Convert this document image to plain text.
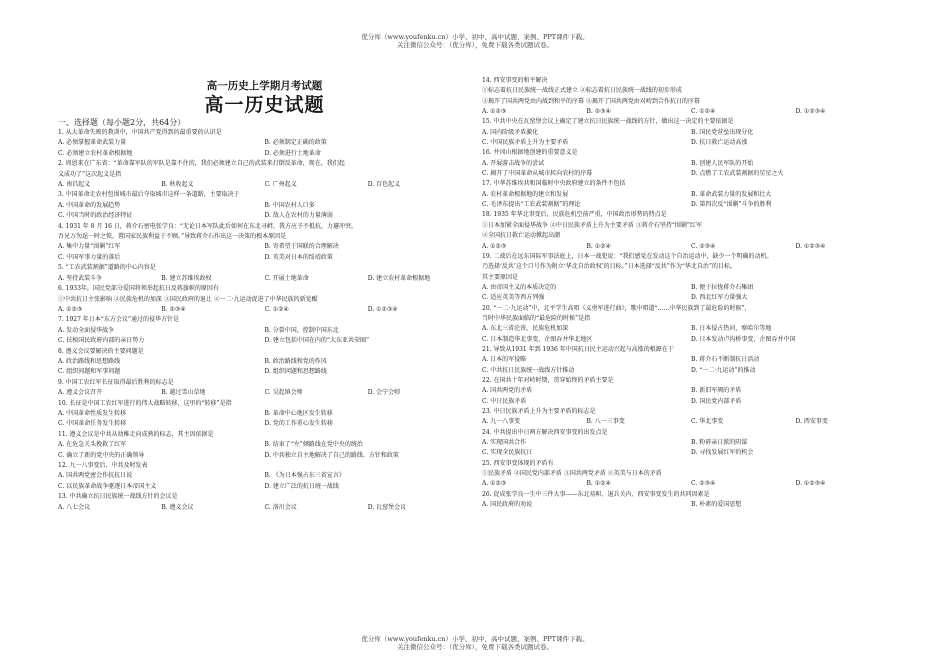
优分库（www.youfenku.cn）小学、初中、高中试题、案例、PPT课件下载。
关注微信公众号：（优分库），免费下载各类试题试卷。
高一历史上学期月考试题
高一历史试题
一、选择题（每小题2分，共64分）
1. 从大革命失败的教训中，中国共产党得到的最重要的认识是
A. 必须掌握革命武装力量	B. 必须制定正确的政策
C. 必须建立农村革命根据地	D. 必须进行土地革命
2. 周恩来在广东省：“革命靠军队的军队是靠不住的，我们必须建立自己的武装来打倒反革命，现在，我们起
义成功了”这次起义是指
A. 南昌起义	B. 秋收起义	C. 广州起义	D. 百色起义
3. 中国革命走农村包围城市最后夺取城市这样一条道路，主要取决于
A. 中国革命的发展趋势	B. 中国农村人口多
C. 中国当时的政治经济特征	D. 敌人在农村的力量薄弱
4. 1931 年 8 月 16 日，蒋介石密电张学良：“无论日本军队此后如何在东北寻衅，我方应予不抵抗，力避冲突。
吾兄万勿逞一时之愤，置国家民族利益于不顾。”导致蒋介石作出这一决策的根本原因是
A. 集中力量“围剿”红军	B. 寄希望于国联的合理解决
C. 中国军事力量的落后	D. 英美对日本的绥靖政策
5. “工农武装割据”道路的中心内容是
A. 坚持武装斗争	B. 建立苏维埃政权	C. 开展土地革命	D. 建立农村革命根据地
6. 1933年，国民党部分爱国将领举起抗日反蒋旗帜的原因有
①中共抗日主张影响 ②民族危机的加深 ③国民政府的退让 ④一二·九运动促进了中华民族的新觉醒
A. ①②③	B. ②③④	C. ①②④	D. ①②③④
7. 1927 年日本“东方会议”通过的侵华方针是
A. 发动全面侵华战争	B. 分裂中国，控制中国东北
C. 扶植国民政府内部的亲日势力	D. 建立包括中国在内的“大东亚共荣圈”
8. 遵义会议要解决的主要问题是
A. 政治路线和思想路线	B. 政治路线和党的作风
C. 组织问题和军事问题	D. 组织问题和思想路线
9. 中国工农红军长征取得最后胜利的标志是
A. 遵义会议召开	B. 越过雪山草地	C. 吴起镇会师	D. 会宁会师
10. 长征是中国工农红军进行的伟大战略转移，这里的“转移”是指
A. 中国革命性质发生转移	B. 革命中心地区发生转移
C. 中国革命任务发生转移	D. 党的工作重心发生转移
11. 遵义会议是中共从幼稚走向成熟的标志，其主因依据是
A. 在危急关头挽救了红军	B. 结束了“左”倾路线在党中央的统治
C. 确立了新的党中央的正确领导	D. 中共独立自主地解决了自己的路线、方针和政策
12. 九一八事变后，中共及时发表
A. 国共两党密会作抗抗日说	B. 《为日本强占东三省宣言》
C. 以民族革命战争驱逐日本帝国主义	D. 建立广泛的抗日统一战线
13. 中共确立抗日民族统一战线方针的会议是
A. 八七会议	B. 遵义会议	C. 洛川会议	D. 瓦窑堡会议
14. 西安事变的和平解决
①标志着抗日民族统一战线正式建立 ②标志着抗日民族统一战线的初步形成
③揭开了国共两党由内战到和平的序幕 ④揭开了国共两党由对峙到合作抗日的序幕
A. ①②③	B. ②③④	C. ①②④	D. ①②③④
15. 中共中央在瓦窑堡会议上确定了建立抗日民族统一战线的方针，做出这一决定的主要依据是
A. 国内阶级矛盾激化	B. 国民党营垒出现分化
C. 中国民族矛盾上升为主要矛盾	D. 抗日救亡运动高涨
16. 井冈山根据地创建的重要意义是
A. 开展游击战争的尝试	B. 创建人民军队的开始
C. 揭开了中国革命从城市转向农村的序幕	D. 点燃了工农武装割据的星星之火
17. 中华苏维埃共和国临时中央政府建立的条件不包括
A. 农村革命根据地的建立和发展	B. 革命武装力量的发展和壮大
C. 毛泽东提出“工农武装割据”的理论	D. 第四次反“围剿”斗争的胜利
18. 1935 年华北事变后，民族危机空前严重，中国政治形势的特点是
①日本加紧全面侵华战争 ②中日民族矛盾上升为主要矛盾 ③蒋介石坚持“围剿”红军
④全国抗日救亡运动掀起高潮
A. ①②③	B. ①②④	C. ②③④	D. ①②③④
19. 二战后在远东国际军事法庭上，日本一战犯说：“我们感觉在发动这个自治运动中，缺少一个明确的动机。
乃选择‘反共’这个口号作为附立‘华北自治政权’的目标。”日本选择“反共”作为“华北自治”的目标，
其主要原因是
A. 由帝国主义的本质决定的	B. 便于拉拢蒋介石集团
C. 适应英美等西方列强	D. 西北红军力量强大
20. “一二·九运动”中，北平学生高唱《义勇军进行曲》，歌中唱道“……中华民族到了最危险的时候”，
当时中华民族面临的“最危险的时候”是指
A. 东北三省沦丧，民族危机加深	B. 日本侵占热河，察哈尔等地
C. 日本制造华北事变，企图吞并华北地区	D. 日本发动卢沟桥事变，企图吞并中国
21. 导致从1931 年到 1936 年中国抗日民主运动兴起与高涨的根源在于
A. 日本的军侵略	B. 蒋介石不断制抗日活动
C. 中共抗日民族统一战线方针推动	D. “一二·九运动”的推动
22. 在国共十年对峙时期，贯穿始终的矛盾主要是
A. 国共两党的矛盾	B. 新旧军阀的矛盾
C. 中日民族矛盾	D. 国民党内部矛盾
23. 中日民族矛盾上升为主要矛盾的标志是
A. 九一八事变	B. 八一三事变	C. 华北事变	D. 西安事变
24. 中共提出中日两方解决西安事变的出发点是
A. 实现国共合作	B. 粉碎亲日派的阴谋
C. 实现全民族抗日	D. 寻找发展红军的机会
25. 西安事变体现的矛盾有
①民族矛盾 ②国民党内部矛盾 ③国共两党矛盾 ④英美与日本的矛盾
A. ①②③	B. ①②④	C. ②③④	D. ①②③④
26. 促成张学良一生中三件大事——东北易帜、退兵关内、西安事变发生的共同因素是
A. 国民政府的劝说	B. 朴素的爱国思想
优分库（www.youfenku.cn）小学、初中、高中试题、案例、PPT课件下载。
关注微信公众号：（优分库），免费下载各类试题试卷。
